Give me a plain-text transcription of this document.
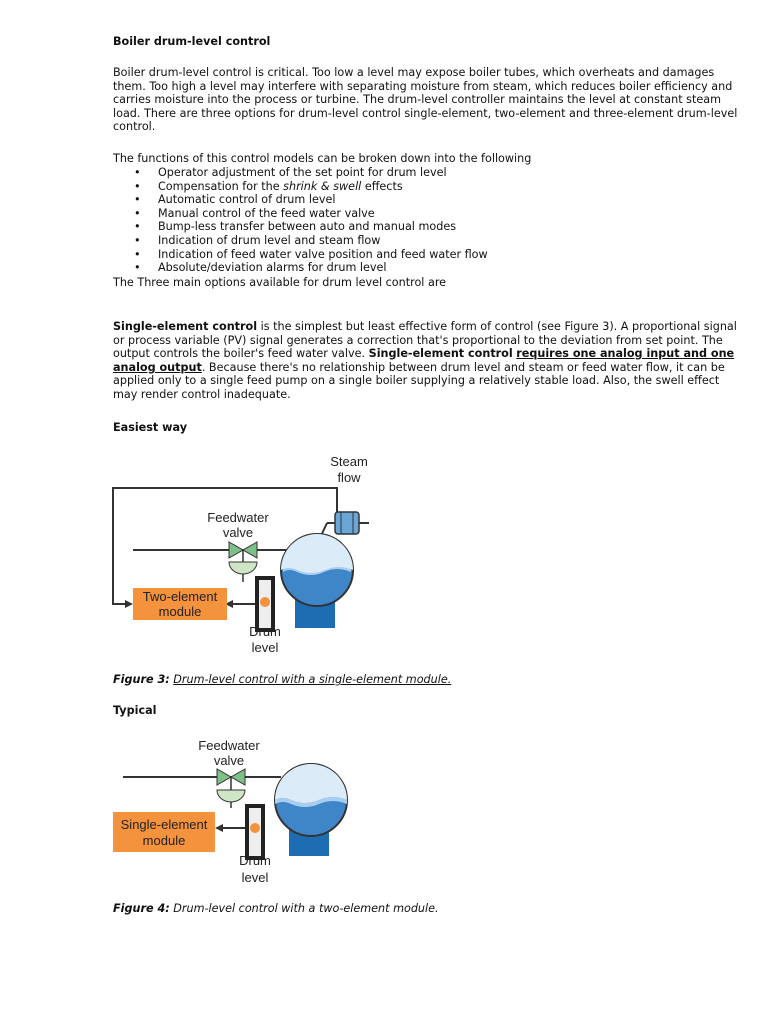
Boiler drum-level control
Boiler drum-level control is critical. Too low a level may expose boiler tubes, which overheats and damages them. Too high a level may interfere with separating moisture from steam, which reduces boiler efficiency and carries moisture into the process or turbine. The drum-level controller maintains the level at constant steam load. There are three options for drum-level control single-element, two-element and three-element drum-level control.
The functions of this control models can be broken down into the following
• Operator adjustment of the set point for drum level
• Compensation for the shrink & swell effects
• Automatic control of drum level
• Manual control of the feed water valve
• Bump-less transfer between auto and manual modes
• Indication of drum level and steam flow
• Indication of feed water valve position and feed water flow
• Absolute/deviation alarms for drum level
The Three main options available for drum level control are
Single-element control is the simplest but least effective form of control (see Figure 3). A proportional signal or process variable (PV) signal generates a correction that's proportional to the deviation from set point. The output controls the boiler's feed water valve. Single-element control requires one analog input and one analog output. Because there's no relationship between drum level and steam or feed water flow, it can be applied only to a single feed pump on a single boiler supplying a relatively stable load. Also, the swell effect may render control inadequate.
Easiest way
Figure 3: Drum-level control with a single-element module.
Typical
Figure 4: Drum-level control with a two-element module.
Two-element
module
Steam
flow
Feedwater
valve
Drum
level
Single-element
module
Feedwater
valve
Drum
level
